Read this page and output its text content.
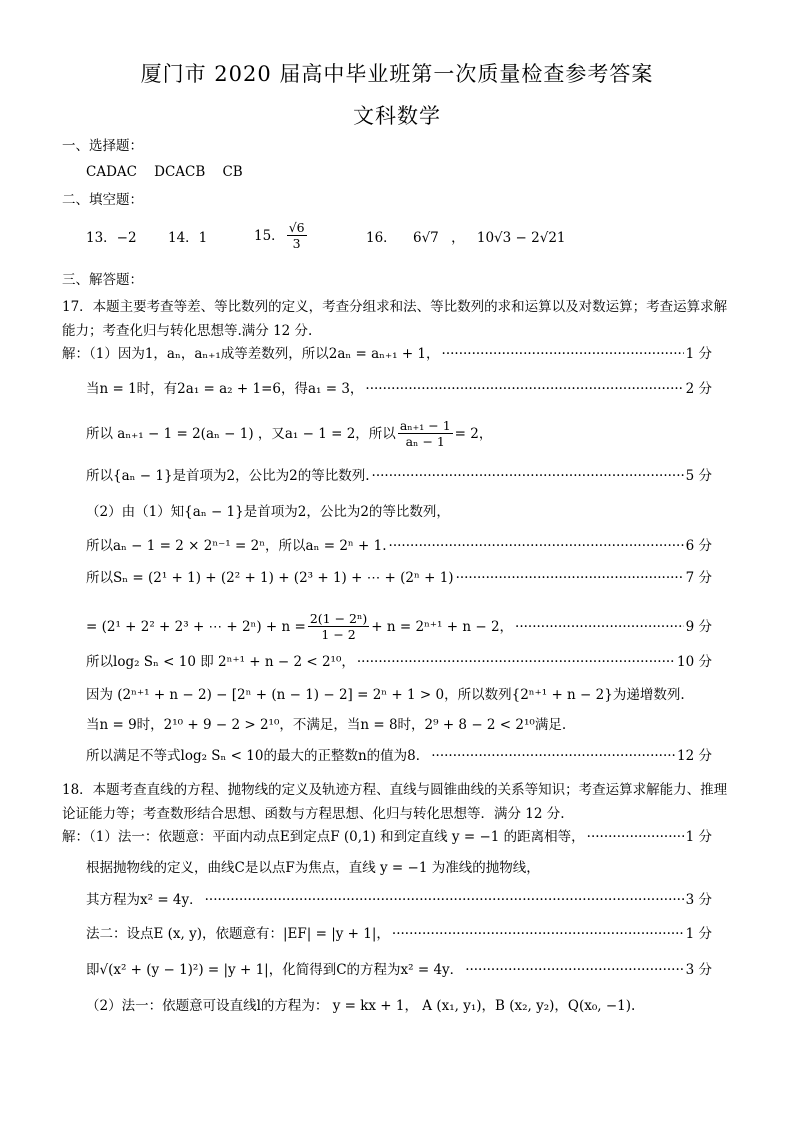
厦门市 2020 届高中毕业班第一次质量检查参考答案
文科数学
一、选择题：
CADAC    DCACB    CB
二、填空题：
13．−2 14．1	15． $\frac{√6}{3}$	16． 6√7 ， 10√3 − 2√21
三、解答题：
17．本题主要考查等差、等比数列的定义，考查分组求和法、等比数列的求和运算以及对数运算；考查运算求解能力；考查化归与转化思想等.满分 12 分.
解：（1）因为1，aₙ，aₙ₊₁成等差数列，所以2aₙ = aₙ₊₁ + 1， ·····	1 分
当n = 1时，有2a₁ = a₂ + 1=6，得a₁ = 3， ·····	2 分
所以 aₙ₊₁ − 1 = 2(aₙ − 1) ，又a₁ − 1 = 2，所以 $\frac{\text{aₙ₊₁ − 1}}{\text{aₙ − 1}} = 2$，
所以{aₙ − 1}是首项为2，公比为2的等比数列. ·····	5 分
（2）由（1）知{aₙ − 1}是首项为2，公比为2的等比数列，
所以aₙ − 1 = 2 × 2ⁿ⁻¹ = 2ⁿ，所以aₙ = 2ⁿ + 1. ·····	6 分
所以Sₙ = (2¹ + 1) + (2² + 1) + (2³ + 1) + ⋯ + (2ⁿ + 1) ·····	7 分
= (2¹ + 2² + 2³ + ⋯ + $2^n) + n = \frac{\text{2(1 − 2ⁿ)}}{1 - 2} + n = 2^{n+1} + n - 2$， ·····	9 分
所以log₂ Sₙ < 10 即 2ⁿ⁺¹ + n − 2 < 2¹⁰， ·····	10 分
因为 (2ⁿ⁺¹ + n − 2) − [2ⁿ + (n − 1) − 2] = 2ⁿ + 1 > 0，所以数列{2ⁿ⁺¹ + n − 2}为递增数列.
当n = 9时，2¹⁰ + 9 − 2 > 2¹⁰，不满足，当n = 8时，2⁹ + 8 − 2 < 2¹⁰满足.
所以满足不等式log₂ Sₙ < 10的最大的正整数n的值为8． ·····	12 分
18．本题考查直线的方程、抛物线的定义及轨迹方程、直线与圆锥曲线的关系等知识；考查运算求解能力、推理论证能力等；考查数形结合思想、函数与方程思想、化归与转化思想等．满分 12 分.
解：（1）法一：依题意：平面内动点E到定点F (0,1) 和到定直线 y = −1 的距离相等， ·····	1 分
根据抛物线的定义，曲线C是以点F为焦点，直线 y = −1 为准线的抛物线，
其方程为x² = 4y． ·····	3 分
法二：设点E (x, y)，依题意有：|EF| = |y + 1|， ·····	1 分
即√(x² + (y − 1)²) = |y + 1|，化简得到C的方程为x² = 4y． ·····	3 分
（2）法一：依题意可设直线l的方程为： y = kx + 1， A (x₁, y₁)，B (x₂, y₂)，Q(x₀, −1).
